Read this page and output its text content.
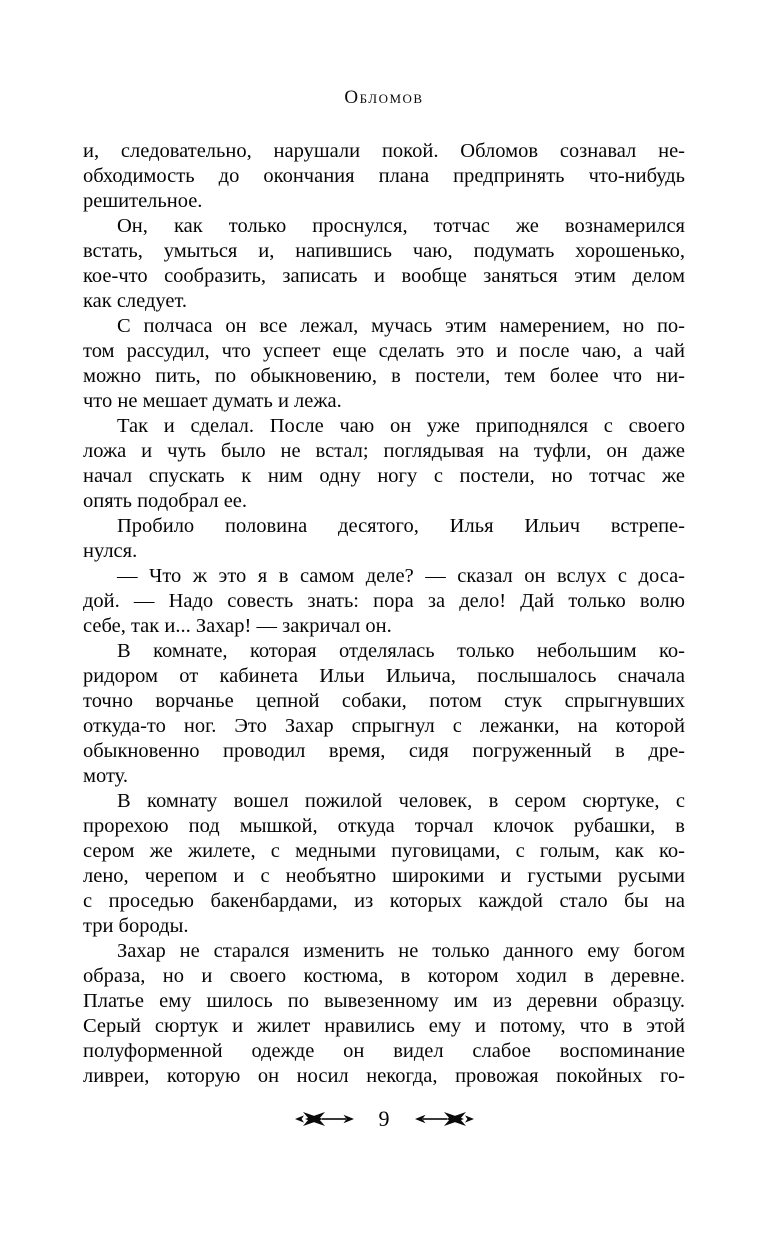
Обломов
и, следовательно, нарушали покой. Обломов сознавал не-
обходимость до окончания плана предпринять что-нибудь
решительное.
Он, как только проснулся, тотчас же вознамерился
встать, умыться и, напившись чаю, подумать хорошенько,
кое-что сообразить, записать и вообще заняться этим делом
как следует.
С полчаса он все лежал, мучась этим намерением, но по-
том рассудил, что успеет еще сделать это и после чаю, а чай
можно пить, по обыкновению, в постели, тем более что ни-
что не мешает думать и лежа.
Так и сделал. После чаю он уже приподнялся с своего
ложа и чуть было не встал; поглядывая на туфли, он даже
начал спускать к ним одну ногу с постели, но тотчас же
опять подобрал ее.
Пробило половина десятого, Илья Ильич встрепе-
нулся.
— Что ж это я в самом деле? — сказал он вслух с доса-
дой. — Надо совесть знать: пора за дело! Дай только волю
себе, так и... Захар! — закричал он.
В комнате, которая отделялась только небольшим ко-
ридором от кабинета Ильи Ильича, послышалось сначала
точно ворчанье цепной собаки, потом стук спрыгнувших
откуда-то ног. Это Захар спрыгнул с лежанки, на которой
обыкновенно проводил время, сидя погруженный в дре-
моту.
В комнату вошел пожилой человек, в сером сюртуке, с
прорехою под мышкой, откуда торчал клочок рубашки, в
сером же жилете, с медными пуговицами, с голым, как ко-
лено, черепом и с необъятно широкими и густыми русыми
с проседью бакенбардами, из которых каждой стало бы на
три бороды.
Захар не старался изменить не только данного ему богом
образа, но и своего костюма, в котором ходил в деревне.
Платье ему шилось по вывезенному им из деревни образцу.
Серый сюртук и жилет нравились ему и потому, что в этой
полуформенной одежде он видел слабое воспоминание
ливреи, которую он носил некогда, провожая покойных го-
9
